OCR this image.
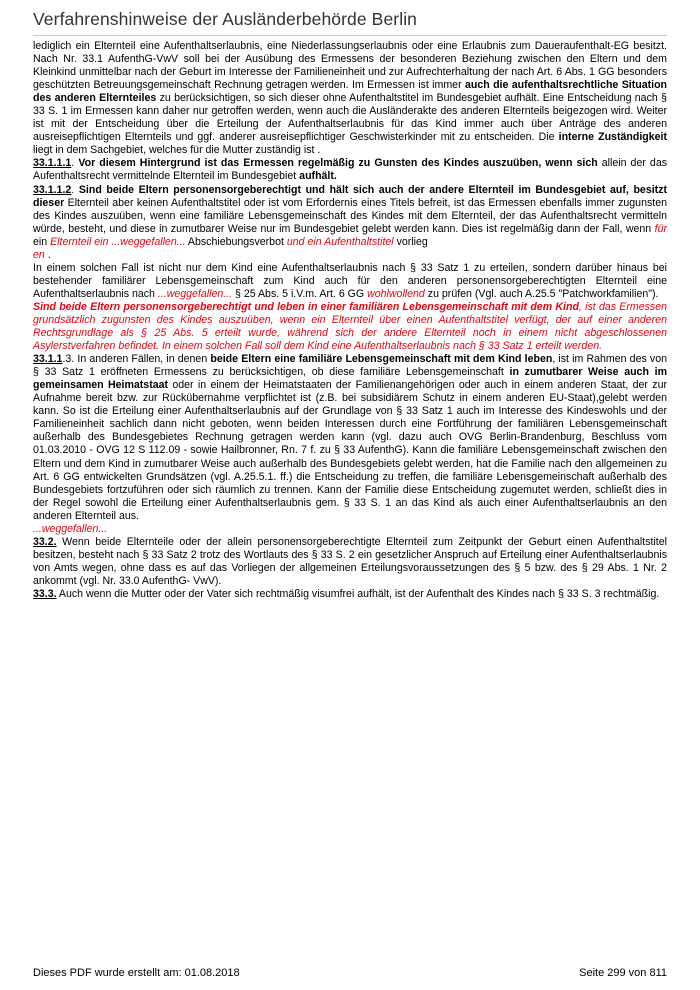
Verfahrenshinweise der Ausländerbehörde Berlin

lediglich ein Elternteil eine Aufenthaltserlaubnis, eine Niederlassungserlaubnis oder eine Erlaubnis zum Daueraufenthalt-EG besitzt. Nach Nr. 33.1 AufenthG-VwV soll bei der Ausübung des Ermessens der besonderen Beziehung zwischen den Eltern und dem Kleinkind unmittelbar nach der Geburt im Interesse der Familieneinheit und zur Aufrechterhaltung der nach Art. 6 Abs. 1 GG besonders geschützten Betreuungsgemeinschaft Rechnung getragen werden. Im Ermessen ist immer auch die aufenthaltsrechtliche Situation des anderen Elternteiles zu berücksichtigen, so sich dieser ohne Aufenthaltstitel im Bundesgebiet aufhält. Eine Entscheidung nach § 33 S. 1 im Ermessen kann daher nur getroffen werden, wenn auch die Ausländerakte des anderen Elternteils beigezogen wird. Weiter ist mit der Entscheidung über die Erteilung der Aufenthaltserlaubnis für das Kind immer auch über Anträge des anderen ausreisepflichtigen Elternteils und ggf. anderer ausreisepflichtiger Geschwisterkinder mit zu entscheiden. Die interne Zuständigkeit liegt in dem Sachgebiet, welches für die Mutter zuständig ist .

33.1.1.1. Vor diesem Hintergrund ist das Ermessen regelmäßig zu Gunsten des Kindes auszuüben, wenn sich allein der das Aufenthaltsrecht vermittelnde Elternteil im Bundesgebiet aufhält.

33.1.1.2. Sind beide Eltern personensorgeberechtigt und hält sich auch der andere Elternteil im Bundesgebiet auf, besitzt dieser Elternteil aber keinen Aufenthaltstitel oder ist vom Erfordernis eines Titels befreit, ist das Ermessen ebenfalls immer zugunsten des Kindes auszuüben, wenn eine familiäre Lebensgemeinschaft des Kindes mit dem Elternteil, der das Aufenthaltsrecht vermitteln würde, besteht, und diese in zumutbarer Weise nur im Bundesgebiet gelebt werden kann. Dies ist regelmäßig dann der Fall, wenn für ein Elternteil ein ...weggefallen... Abschiebungsverbot und ein Aufenthaltstitel vorlieg
en .

In einem solchen Fall ist nicht nur dem Kind eine Aufenthaltserlaubnis nach § 33 Satz 1 zu erteilen, sondern darüber hinaus bei bestehender familiärer Lebensgemeinschaft zum Kind auch für den anderen personensorgeberechtigten Elternteil eine Aufenthaltserlaubnis nach ...weggefallen... § 25 Abs. 5 i.V.m. Art. 6 GG wohlwollend zu prüfen (Vgl. auch A.25.5 "Patchworkfamilien").

Sind beide Eltern personensorgeberechtigt und leben in einer familiären Lebensgemeinschaft mit dem Kind, ist das Ermessen grundsätzlich zugunsten des Kindes auszuüben, wenn ein Elternteil über einen Aufenthaltstitel verfügt, der auf einer anderen Rechtsgrundlage als § 25 Abs. 5 erteilt wurde, während sich der andere Elternteil noch in einem nicht abgeschlossenen Asylerstverfahren befindet. In einem solchen Fall soll dem Kind eine Aufenthaltserlaubnis nach § 33 Satz 1 erteilt werden.

33.1.1.3. In anderen Fällen, in denen beide Eltern eine familiäre Lebensgemeinschaft mit dem Kind leben, ist im Rahmen des von § 33 Satz 1 eröffneten Ermessens zu berücksichtigen, ob diese familiäre Lebensgemeinschaft in zumutbarer Weise auch im gemeinsamen Heimatstaat oder in einem der Heimatstaaten der Familienangehörigen oder auch in einem anderen Staat, der zur Aufnahme bereit bzw. zur Rückübernahme verpflichtet ist (z.B. bei subsidiärem Schutz in einem anderen EU-Staat),gelebt werden kann. So ist die Erteilung einer Aufenthaltserlaubnis auf der Grundlage von § 33 Satz 1 auch im Interesse des Kindeswohls und der Familieneinheit sachlich dann nicht geboten, wenn beiden Interessen durch eine Fortführung der familiären Lebensgemeinschaft außerhalb des Bundesgebietes Rechnung getragen werden kann (vgl. dazu auch OVG Berlin-Brandenburg, Beschluss vom 01.03.2010 - OVG 12 S 112.09 - sowie Hailbronner, Rn. 7 f. zu § 33 AufenthG). Kann die familiäre Lebensgemeinschaft zwischen den Eltern und dem Kind in zumutbarer Weise auch außerhalb des Bundesgebiets gelebt werden, hat die Familie nach den allgemeinen zu Art. 6 GG entwickelten Grundsätzen (vgl. A.25.5.1. ff.) die Entscheidung zu treffen, die familiäre Lebensgemeinschaft außerhalb des Bundesgebiets fortzuführen oder sich räumlich zu trennen. Kann der Familie diese Entscheidung zugemutet werden, schließt dies in der Regel sowohl die Erteilung einer Aufenthaltserlaubnis gem. § 33 S. 1 an das Kind als auch einer Aufenthaltserlaubnis an den anderen Elternteil aus.

...weggefallen...

33.2. Wenn beide Elternteile oder der allein personensorgeberechtigte Elternteil zum Zeitpunkt der Geburt einen Aufenthaltstitel besitzen, besteht nach § 33 Satz 2 trotz des Wortlauts des § 33 S. 2 ein gesetzlicher Anspruch auf Erteilung einer Aufenthaltserlaubnis von Amts wegen, ohne dass es auf das Vorliegen der allgemeinen Erteilungsvoraussetzungen des § 5 bzw. des § 29 Abs. 1 Nr. 2 ankommt (vgl. Nr. 33.0 AufenthG- VwV).

33.3. Auch wenn die Mutter oder der Vater sich rechtmäßig visumfrei aufhält, ist der Aufenthalt des Kindes nach § 33 S. 3 rechtmäßig.

Dieses PDF wurde erstellt am: 01.08.2018	Seite 299 von 811
